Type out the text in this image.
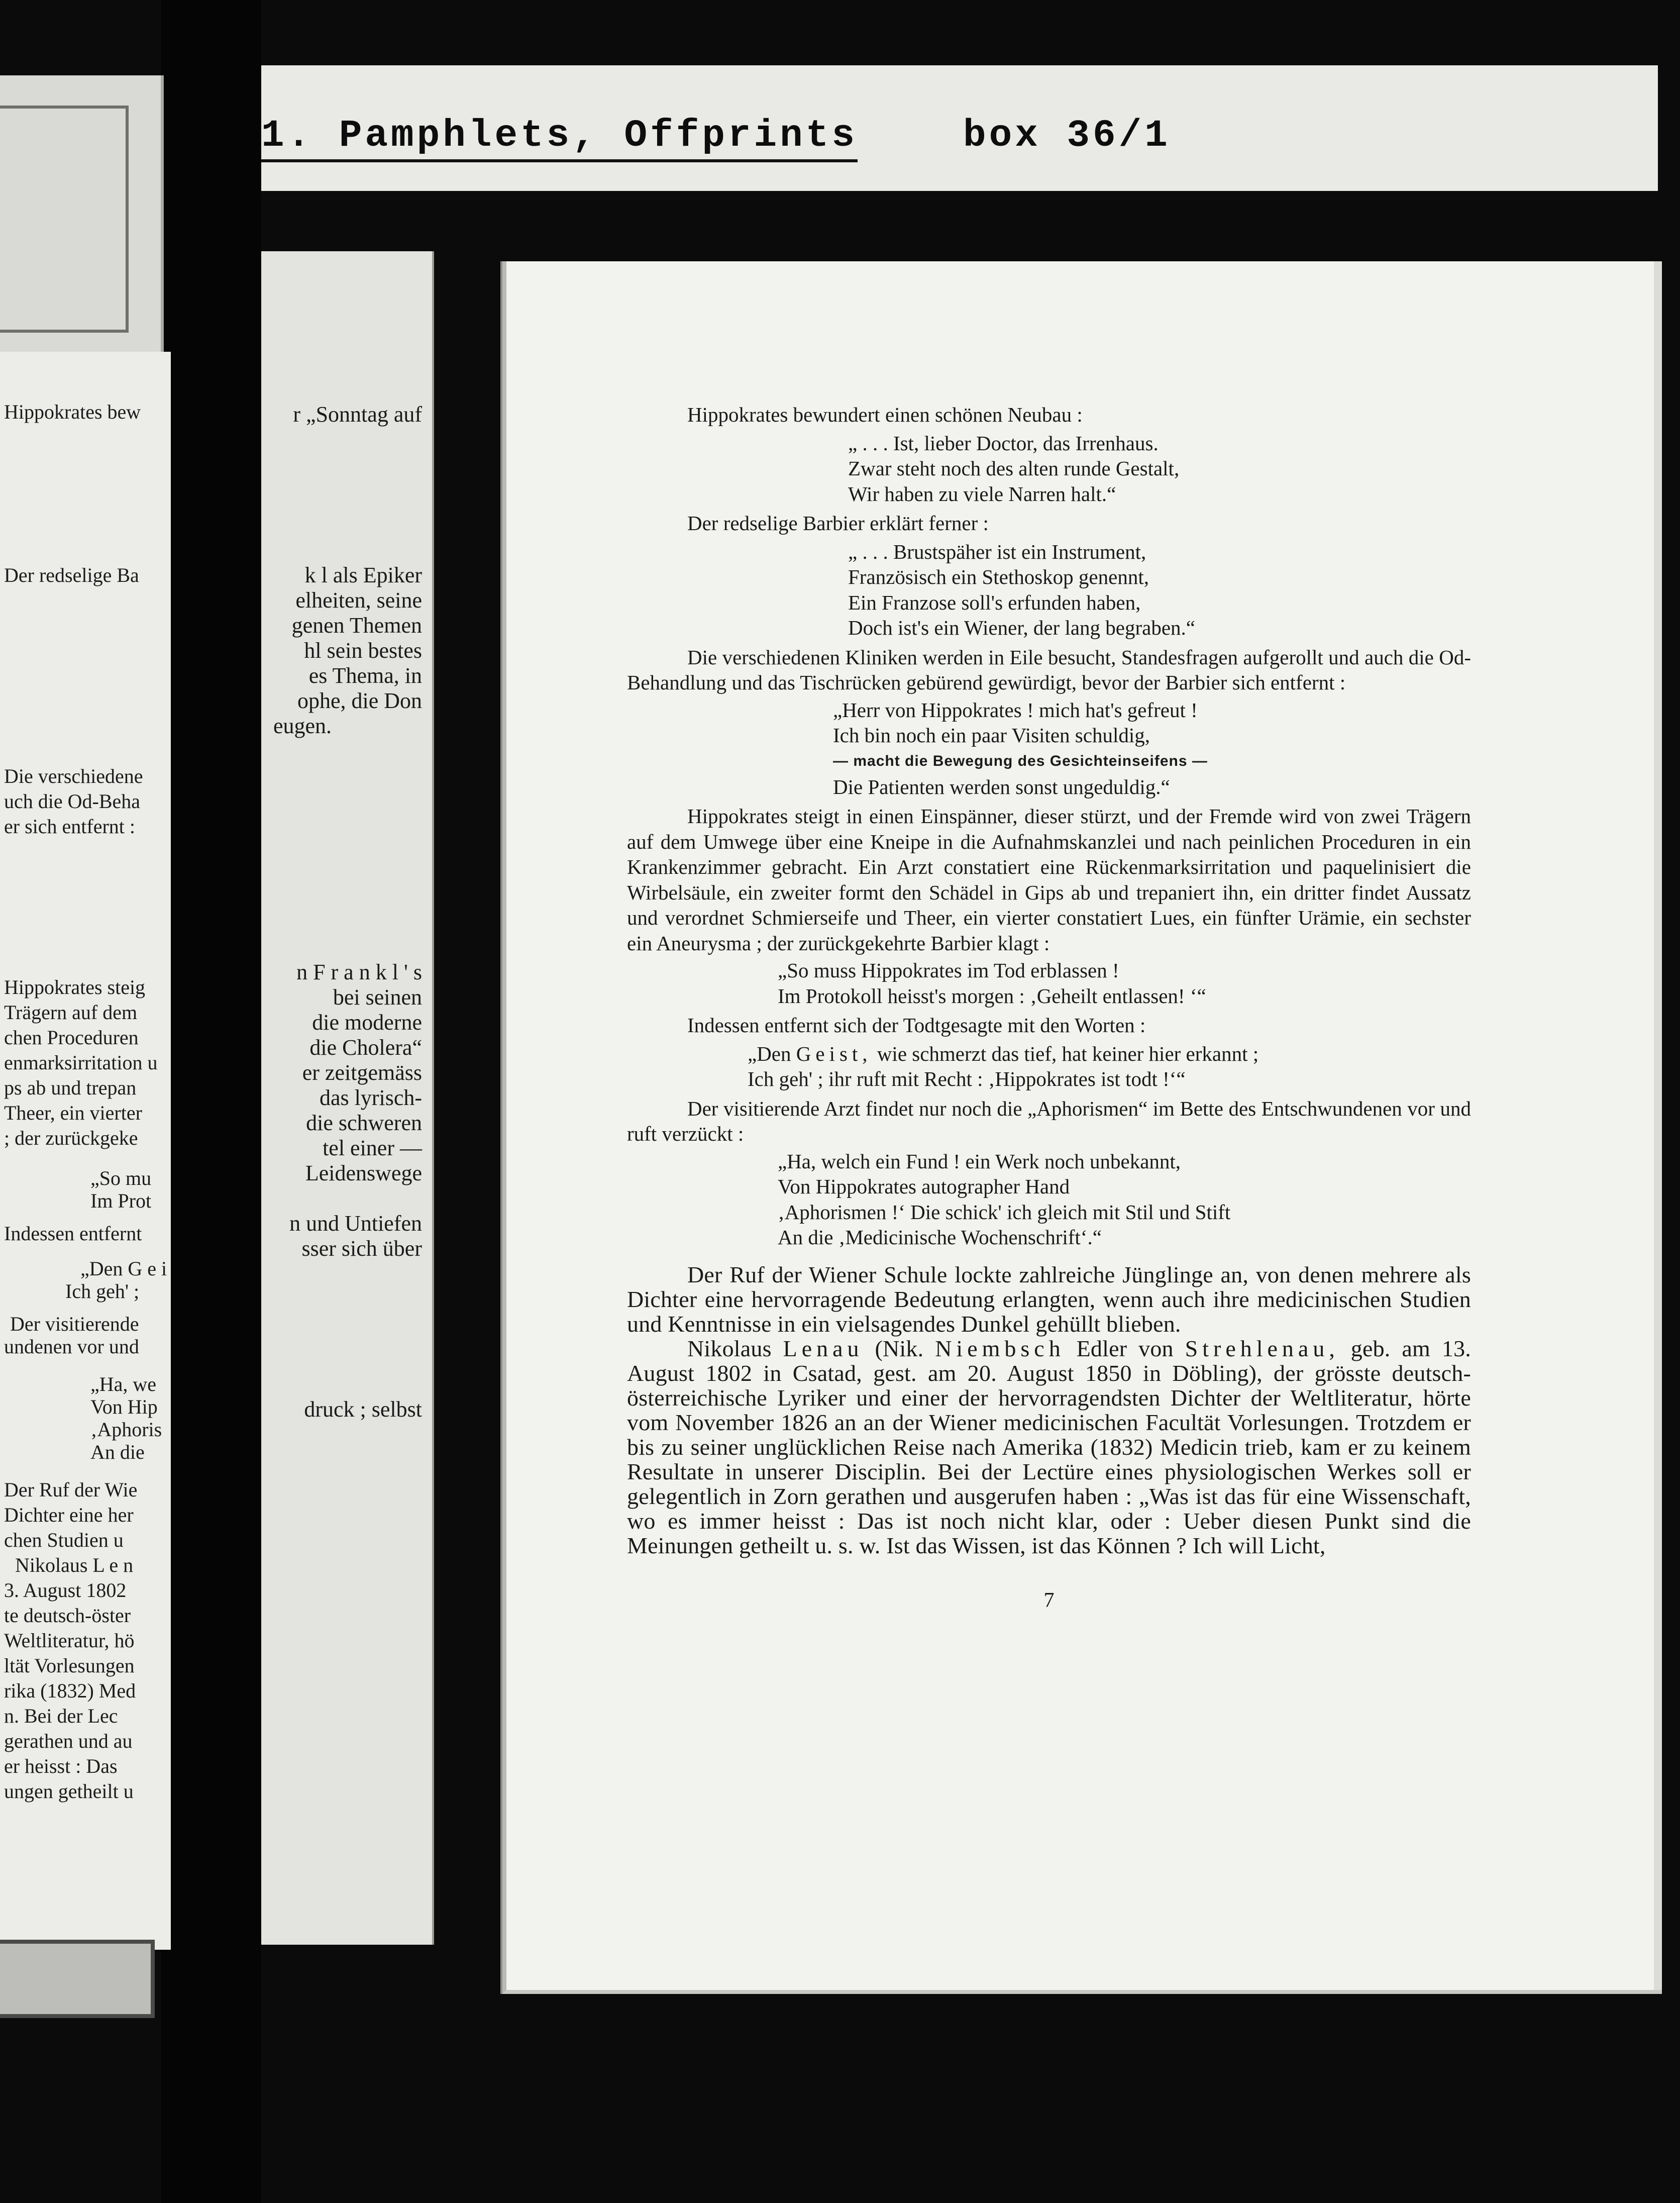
Hippokrates bew
Der redselige Ba
Die verschiedene
uch die Od-Beha
er sich entfernt :
Hippokrates steig
Trägern auf dem
chen Proceduren
enmarksirritation u
ps ab und trepan
Theer, ein vierter
; der zurückgeke
„So mu
Im Prot
Indessen entfernt
„Den G e i
Ich geh' ;
Der visitierende
undenen vor und
„Ha, we
Von Hip
‚Aphoris
An die
Der Ruf der Wie
Dichter eine her
chen Studien u
Nikolaus L e n
3. August 1802
te deutsch-öster
Weltliteratur, hö
ltät Vorlesungen
rika (1832) Med
n. Bei der Lec
gerathen und au
er heisst : Das
ungen getheilt u
r „Sonntag auf
k l als Epiker
elheiten, seine
genen Themen
hl sein bestes
es Thema, in
ophe, die Don
eugen.
n F r a n k l ' s
bei seinen
die moderne
die Cholera“
er zeitgemäss
das lyrisch-
die schweren
tel einer —
Leidenswege
n und Untiefen
sser sich über
druck ; selbst
1. Pamphlets, Offprints	box 36/1

Hippokrates bewundert einen schönen Neubau :

„ . . . Ist, lieber Doctor, das Irrenhaus.
Zwar steht noch des alten runde Gestalt,
Wir haben zu viele Narren halt.“

Der redselige Barbier erklärt ferner :

„ . . . Brustspäher ist ein Instrument,
Französisch ein Stethoskop genennt,
Ein Franzose soll's erfunden haben,
Doch ist's ein Wiener, der lang begraben.“

Die verschiedenen Kliniken werden in Eile besucht, Standesfragen aufgerollt und auch die Od-Behandlung und das Tischrücken gebürend gewürdigt, bevor der Barbier sich entfernt :

„Herr von Hippokrates ! mich hat's gefreut !
Ich bin noch ein paar Visiten schuldig,
— macht die Bewegung des Gesichteinseifens —
Die Patienten werden sonst ungeduldig.“

Hippokrates steigt in einen Einspänner, dieser stürzt, und der Fremde wird von zwei Trägern auf dem Umwege über eine Kneipe in die Aufnahmskanzlei und nach peinlichen Proceduren in ein Krankenzimmer gebracht. Ein Arzt constatiert eine Rückenmarksirritation und paquelinisiert die Wirbelsäule, ein zweiter formt den Schädel in Gips ab und trepaniert ihn, ein dritter findet Aussatz und verordnet Schmierseife und Theer, ein vierter constatiert Lues, ein fünfter Urämie, ein sechster ein Aneurysma ; der zurückgekehrte Barbier klagt :

„So muss Hippokrates im Tod erblassen !
Im Protokoll heisst's morgen : ‚Geheilt entlassen! ‘“

Indessen entfernt sich der Todtgesagte mit den Worten :

„Den Geist, wie schmerzt das tief, hat keiner hier erkannt ;
Ich geh' ; ihr ruft mit Recht : ‚Hippokrates ist todt !‘“

Der visitierende Arzt findet nur noch die „Aphorismen“ im Bette des Entschwundenen vor und ruft verzückt :

„Ha, welch ein Fund ! ein Werk noch unbekannt,
Von Hippokrates autographer Hand
‚Aphorismen !‘ Die schick' ich gleich mit Stil und Stift
An die ‚Medicinische Wochenschrift‘.“

Der Ruf der Wiener Schule lockte zahlreiche Jünglinge an, von denen mehrere als Dichter eine hervorragende Bedeutung erlangten, wenn auch ihre medicinischen Studien und Kenntnisse in ein vielsagendes Dunkel gehüllt blieben.

Nikolaus Lenau (Nik. Niembsch Edler von Strehlenau, geb. am 13. August 1802 in Csatad, gest. am 20. August 1850 in Döbling), der grösste deutsch-österreichische Lyriker und einer der hervorragendsten Dichter der Weltliteratur, hörte vom November 1826 an an der Wiener medicinischen Facultät Vorlesungen. Trotzdem er bis zu seiner unglücklichen Reise nach Amerika (1832) Medicin trieb, kam er zu keinem Resultate in unserer Disciplin. Bei der Lectüre eines physiologischen Werkes soll er gelegentlich in Zorn gerathen und ausgerufen haben : „Was ist das für eine Wissenschaft, wo es immer heisst : Das ist noch nicht klar, oder : Ueber diesen Punkt sind die Meinungen getheilt u. s. w. Ist das Wissen, ist das Können ? Ich will Licht,

7
